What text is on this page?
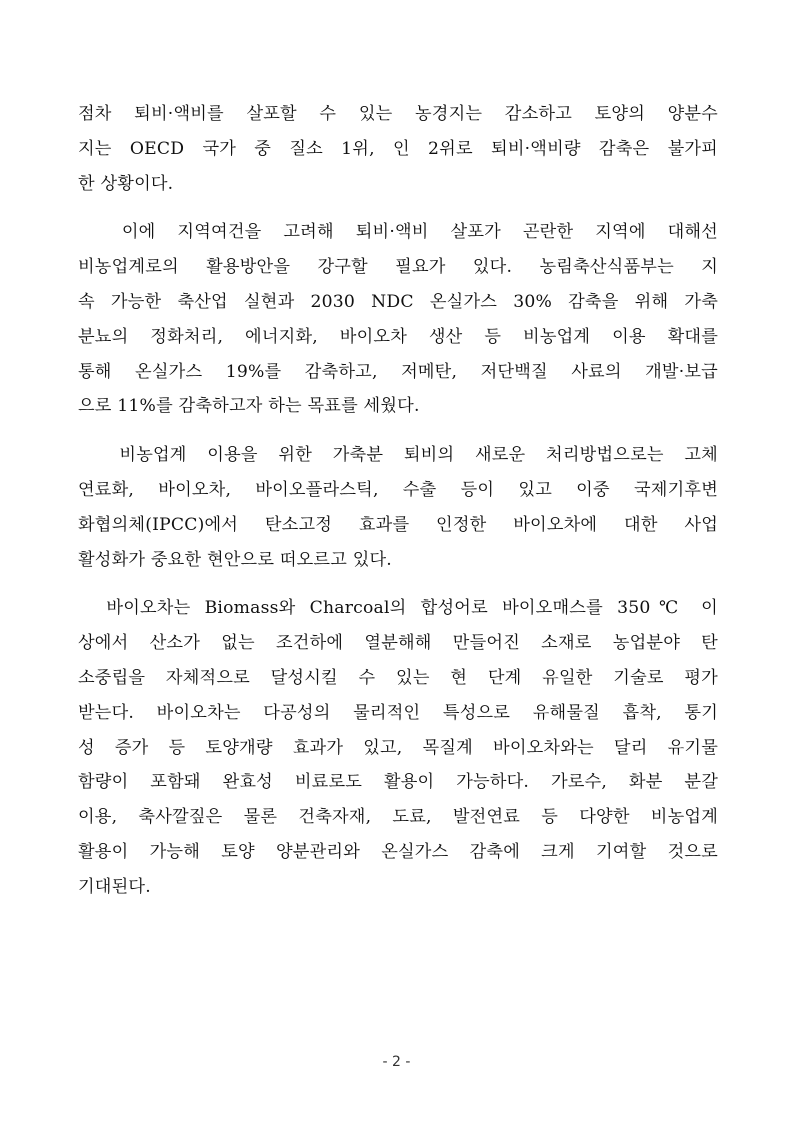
점차 퇴비·액비를 살포할 수 있는 농경지는 감소하고 토양의 양분수
지는 OECD 국가 중 질소 1위, 인 2위로 퇴비·액비량 감축은 불가피
한 상황이다.

이에 지역여건을 고려해 퇴비·액비 살포가 곤란한 지역에 대해선
비농업계로의 활용방안을 강구할 필요가 있다. 농림축산식품부는 지
속 가능한 축산업 실현과 2030 NDC 온실가스 30% 감축을 위해 가축
분뇨의 정화처리, 에너지화, 바이오차 생산 등 비농업계 이용 확대를
통해 온실가스 19%를 감축하고, 저메탄, 저단백질 사료의 개발·보급
으로 11%를 감축하고자 하는 목표를 세웠다.

비농업계 이용을 위한 가축분 퇴비의 새로운 처리방법으로는 고체
연료화, 바이오차, 바이오플라스틱, 수출 등이 있고 이중 국제기후변
화협의체(IPCC)에서 탄소고정 효과를 인정한 바이오차에 대한 사업
활성화가 중요한 현안으로 떠오르고 있다.

바이오차는 Biomass와 Charcoal의 합성어로 바이오매스를 350℃ 이
상에서 산소가 없는 조건하에 열분해해 만들어진 소재로 농업분야 탄
소중립을 자체적으로 달성시킬 수 있는 현 단계 유일한 기술로 평가
받는다. 바이오차는 다공성의 물리적인 특성으로 유해물질 흡착, 통기
성 증가 등 토양개량 효과가 있고, 목질계 바이오차와는 달리 유기물
함량이 포함돼 완효성 비료로도 활용이 가능하다. 가로수, 화분 분갈
이용, 축사깔짚은 물론 건축자재, 도료, 발전연료 등 다양한 비농업계
활용이 가능해 토양 양분관리와 온실가스 감축에 크게 기여할 것으로
기대된다.

- 2 -
